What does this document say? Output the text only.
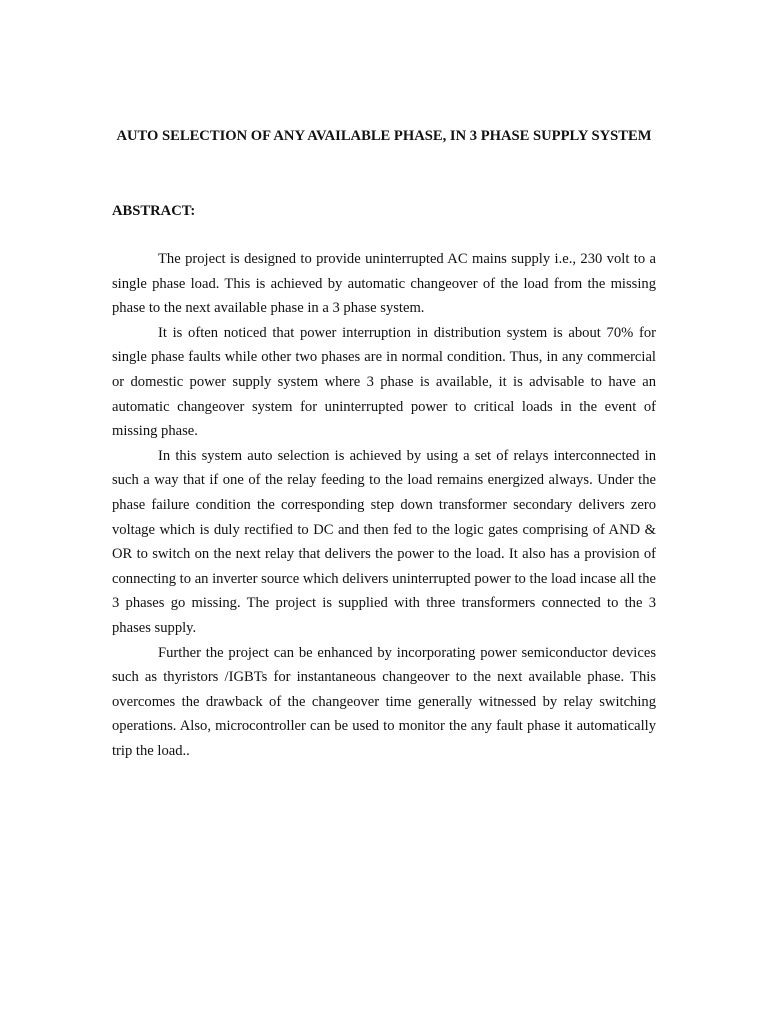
AUTO SELECTION OF ANY AVAILABLE PHASE, IN 3 PHASE SUPPLY SYSTEM
ABSTRACT:

The project is designed to provide uninterrupted AC mains supply i.e., 230 volt to a single phase load. This is achieved by automatic changeover of the load from the missing phase to the next available phase in a 3 phase system.

It is often noticed that power interruption in distribution system is about 70% for single phase faults while other two phases are in normal condition. Thus, in any commercial or domestic power supply system where 3 phase is available, it is advisable to have an automatic changeover system for uninterrupted power to critical loads in the event of missing phase.

In this system auto selection is achieved by using a set of relays interconnected in such a way that if one of the relay feeding to the load remains energized always. Under the phase failure condition the corresponding step down transformer secondary delivers zero voltage which is duly rectified to DC and then fed to the logic gates comprising of AND & OR to switch on the next relay that delivers the power to the load. It also has a provision of connecting to an inverter source which delivers uninterrupted power to the load incase all the 3 phases go missing. The project is supplied with three transformers connected to the 3 phases supply.

Further the project can be enhanced by incorporating power semiconductor devices such as thyristors /IGBTs for instantaneous changeover to the next available phase. This overcomes the drawback of the changeover time generally witnessed by relay switching operations. Also, microcontroller can be used to monitor the any fault phase it automatically trip the load..
